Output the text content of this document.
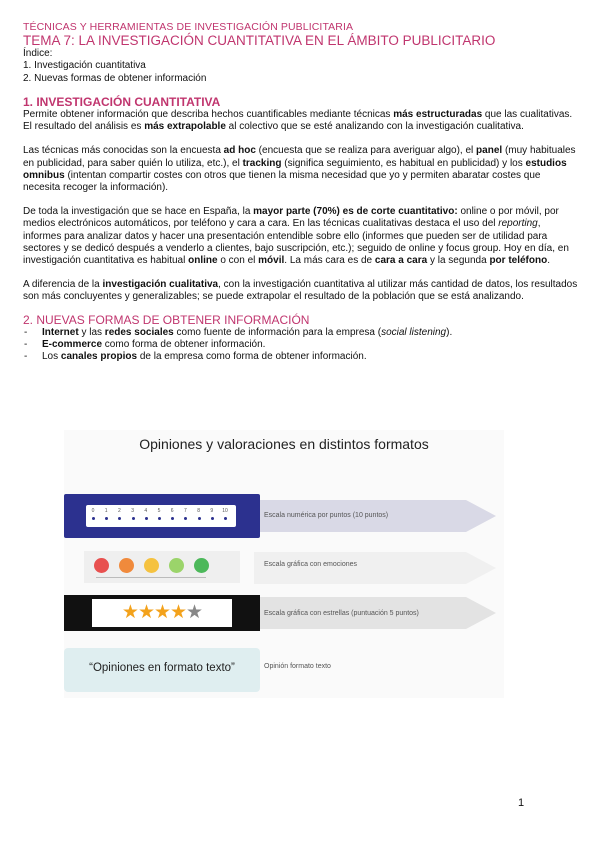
TÉCNICAS Y HERRAMIENTAS DE INVESTIGACIÓN PUBLICITARIA
TEMA 7: LA INVESTIGACIÓN CUANTITATIVA EN EL ÁMBITO PUBLICITARIO
Índice:
1. Investigación cuantitativa
2. Nuevas formas de obtener información
1. INVESTIGACIÓN CUANTITATIVA

Permite obtener información que describa hechos cuantificables mediante técnicas más estructuradas que las cualitativas. El resultado del análisis es más extrapolable al colectivo que se esté analizando con la investigación cualitativa.

Las técnicas más conocidas son la encuesta ad hoc (encuesta que se realiza para averiguar algo), el panel (muy habituales en publicidad, para saber quién lo utiliza, etc.), el tracking (significa seguimiento, es habitual en publicidad) y los estudios omnibus (intentan compartir costes con otros que tienen la misma necesidad que yo y permiten abaratar costes que necesita recoger la información).

De toda la investigación que se hace en España, la mayor parte (70%) es de corte cuantitativo: online o por móvil, por medios electrónicos automáticos, por teléfono y cara a cara. En las técnicas cualitativas destaca el uso del reporting, informes para analizar datos y hacer una presentación entendible sobre ello (informes que pueden ser de utilidad para sectores y se dedicó después a venderlo a clientes, bajo suscripción, etc.); seguido de online y focus group. Hoy en día, en investigación cuantitativa es habitual online o con el móvil. La más cara es de cara a cara y la segunda por teléfono.

A diferencia de la investigación cualitativa, con la investigación cuantitativa al utilizar más cantidad de datos, los resultados son más concluyentes y generalizables; se puede extrapolar el resultado de la población que se está analizando.

2. NUEVAS FORMAS DE OBTENER INFORMACIÓN
- Internet y las redes sociales como fuente de información para la empresa (social listening).
- E-commerce como forma de obtener información.
- Los canales propios de la empresa como forma de obtener información.
Opiniones y valoraciones en distintos formatos
Escala numérica por puntos (10 puntos)
Escala gráfica con emociones
Escala gráfica con estrellas (puntuación 5 puntos)
Opinión formato texto
0	1	2	3	4	5	6	7	8	9	10
★★★★★
“Opiniones en formato texto”
1
